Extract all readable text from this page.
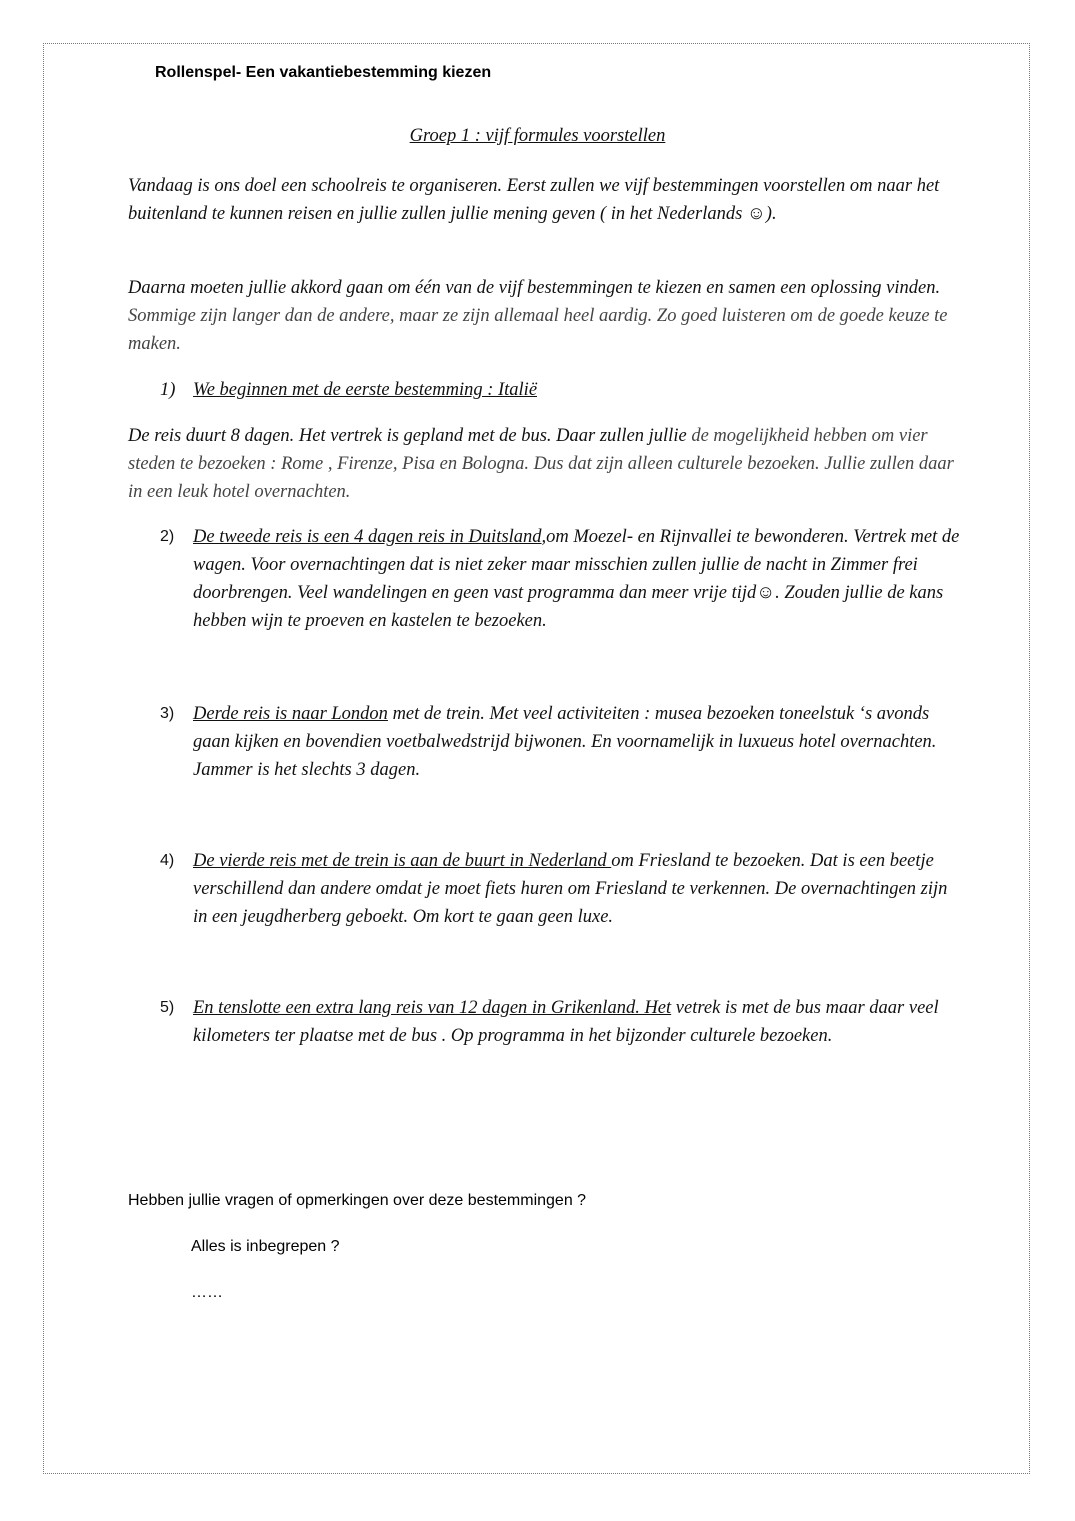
Rollenspel- Een vakantiebestemming kiezen
Groep 1 : vijf formules voorstellen

Vandaag is ons doel een schoolreis te organiseren. Eerst zullen we vijf bestemmingen voorstellen om naar het buitenland te kunnen reisen en jullie zullen jullie mening geven ( in het Nederlands ☺).

Daarna moeten jullie akkord gaan om één van de vijf bestemmingen te kiezen en samen een oplossing vinden. Sommige zijn langer dan de andere, maar ze zijn allemaal heel aardig. Zo goed luisteren om de goede keuze te maken.

1) We beginnen met de eerste bestemming : Italië

De reis duurt 8 dagen. Het vertrek is gepland met de bus. Daar zullen jullie de mogelijkheid hebben om vier steden te bezoeken : Rome , Firenze, Pisa en Bologna. Dus dat zijn alleen culturele bezoeken. Jullie zullen daar in een leuk hotel overnachten.

2)	De tweede reis is een 4 dagen reis in Duitsland,om Moezel- en Rijnvallei te bewonderen. Vertrek met de wagen. Voor overnachtingen dat is niet zeker maar misschien zullen jullie de nacht in Zimmer frei doorbrengen. Veel wandelingen en geen vast programma dan meer vrije tijd☺. Zouden jullie de kans hebben wijn te proeven en kastelen te bezoeken.
3)	Derde reis is naar London met de trein. Met veel activiteiten : musea bezoeken toneelstuk ‘s avonds gaan kijken en bovendien voetbalwedstrijd bijwonen. En voornamelijk in luxueus hotel overnachten. Jammer is het slechts 3 dagen.
4)	De vierde reis met de trein is aan de buurt in Nederland om Friesland te bezoeken. Dat is een beetje verschillend dan andere omdat je moet fiets huren om Friesland te verkennen. De overnachtingen zijn in een jeugdherberg geboekt. Om kort te gaan geen luxe.
5)	En tenslotte een extra lang reis van 12 dagen in Grikenland. Het vetrek is met de bus maar daar veel kilometers ter plaatse met de bus . Op programma in het bijzonder culturele bezoeken.
Hebben jullie vragen of opmerkingen over deze bestemmingen ?
Alles is inbegrepen ?
……
